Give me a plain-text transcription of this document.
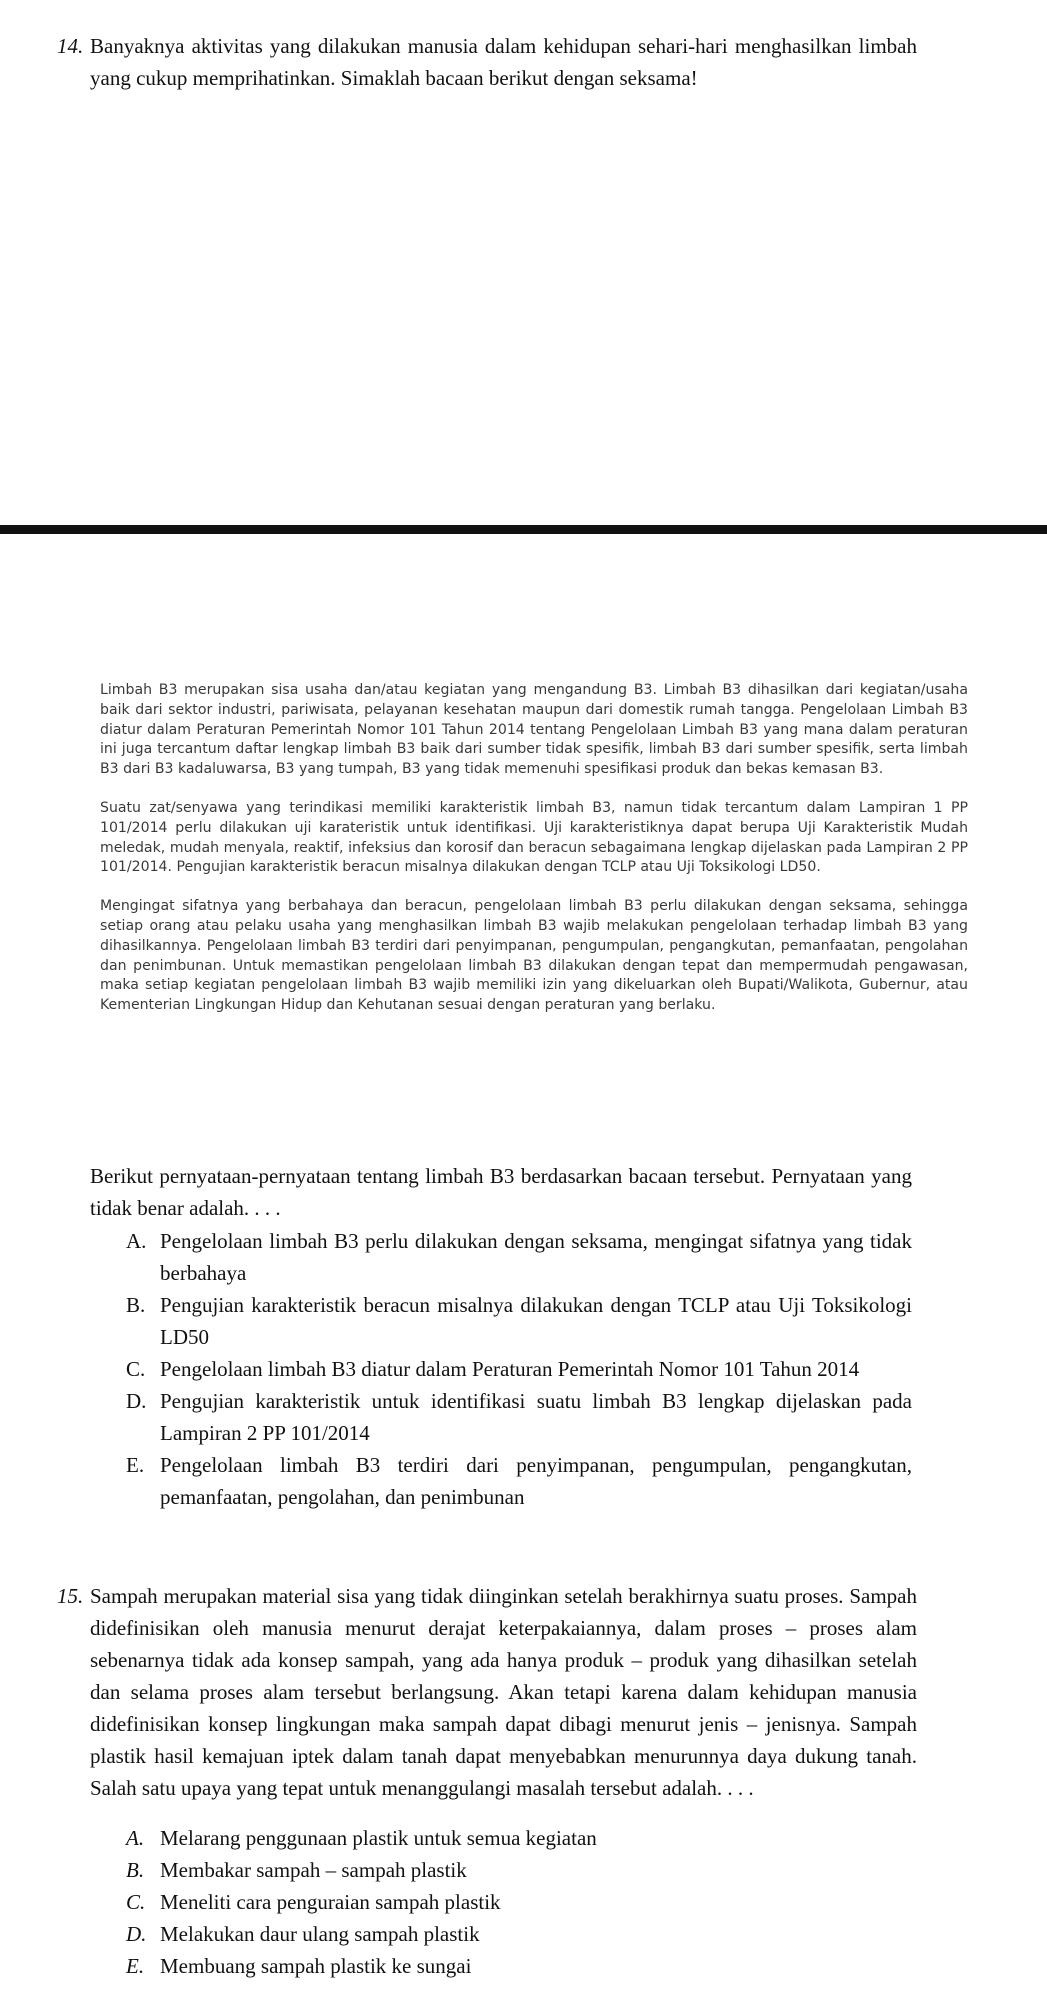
14. Banyaknya aktivitas yang dilakukan manusia dalam kehidupan sehari-hari menghasilkan limbah yang cukup memprihatinkan. Simaklah bacaan berikut dengan seksama!

Limbah B3 merupakan sisa usaha dan/atau kegiatan yang mengandung B3. Limbah B3 dihasilkan dari kegiatan/usaha baik dari sektor industri, pariwisata, pelayanan kesehatan maupun dari domestik rumah tangga. Pengelolaan Limbah B3 diatur dalam Peraturan Pemerintah Nomor 101 Tahun 2014 tentang Pengelolaan Limbah B3 yang mana dalam peraturan ini juga tercantum daftar lengkap limbah B3 baik dari sumber tidak spesifik, limbah B3 dari sumber spesifik, serta limbah B3 dari B3 kadaluwarsa, B3 yang tumpah, B3 yang tidak memenuhi spesifikasi produk dan bekas kemasan B3.

Suatu zat/senyawa yang terindikasi memiliki karakteristik limbah B3, namun tidak tercantum dalam Lampiran 1 PP 101/2014 perlu dilakukan uji karateristik untuk identifikasi. Uji karakteristiknya dapat berupa Uji Karakteristik Mudah meledak, mudah menyala, reaktif, infeksius dan korosif dan beracun sebagaimana lengkap dijelaskan pada Lampiran 2 PP 101/2014. Pengujian karakteristik beracun misalnya dilakukan dengan TCLP atau Uji Toksikologi LD50.

Mengingat sifatnya yang berbahaya dan beracun, pengelolaan limbah B3 perlu dilakukan dengan seksama, sehingga setiap orang atau pelaku usaha yang menghasilkan limbah B3 wajib melakukan pengelolaan terhadap limbah B3 yang dihasilkannya. Pengelolaan limbah B3 terdiri dari penyimpanan, pengumpulan, pengangkutan, pemanfaatan, pengolahan dan penimbunan. Untuk memastikan pengelolaan limbah B3 dilakukan dengan tepat dan mempermudah pengawasan, maka setiap kegiatan pengelolaan limbah B3 wajib memiliki izin yang dikeluarkan oleh Bupati/Walikota, Gubernur, atau Kementerian Lingkungan Hidup dan Kehutanan sesuai dengan peraturan yang berlaku.

Berikut pernyataan-pernyataan tentang limbah B3 berdasarkan bacaan tersebut. Pernyataan yang tidak benar adalah. . . .

A. Pengelolaan limbah B3 perlu dilakukan dengan seksama, mengingat sifatnya yang tidak berbahaya
B. Pengujian karakteristik beracun misalnya dilakukan dengan TCLP atau Uji Toksikologi LD50
C. Pengelolaan limbah B3 diatur dalam Peraturan Pemerintah Nomor 101 Tahun 2014
D. Pengujian karakteristik untuk identifikasi suatu limbah B3 lengkap dijelaskan pada Lampiran 2 PP 101/2014
E. Pengelolaan limbah B3 terdiri dari penyimpanan, pengumpulan, pengangkutan, pemanfaatan, pengolahan, dan penimbunan
15. Sampah merupakan material sisa yang tidak diinginkan setelah berakhirnya suatu proses. Sampah didefinisikan oleh manusia menurut derajat keterpakaiannya, dalam proses – proses alam sebenarnya tidak ada konsep sampah, yang ada hanya produk – produk yang dihasilkan setelah dan selama proses alam tersebut berlangsung. Akan tetapi karena dalam kehidupan manusia didefinisikan konsep lingkungan maka sampah dapat dibagi menurut jenis – jenisnya. Sampah plastik hasil kemajuan iptek dalam tanah dapat menyebabkan menurunnya daya dukung tanah. Salah satu upaya yang tepat untuk menanggulangi masalah tersebut adalah. . . .

A. Melarang penggunaan plastik untuk semua kegiatan
B. Membakar sampah – sampah plastik
C. Meneliti cara penguraian sampah plastik
D. Melakukan daur ulang sampah plastik
E. Membuang sampah plastik ke sungai
